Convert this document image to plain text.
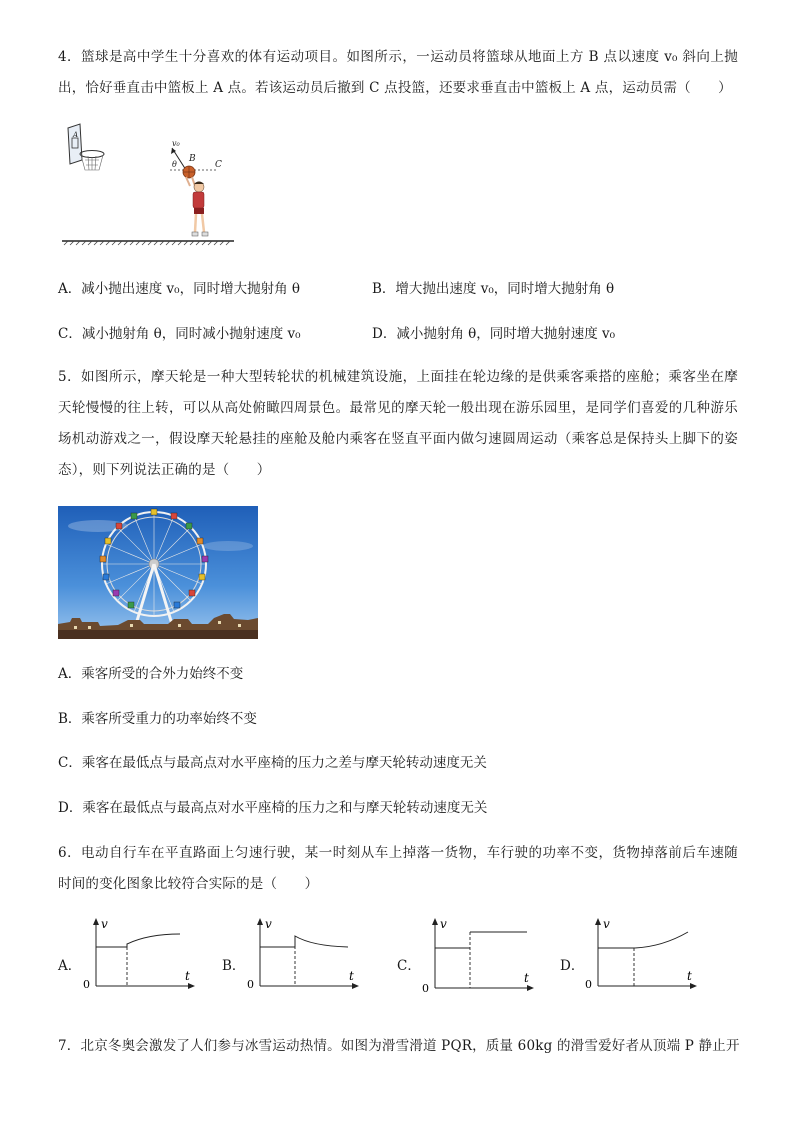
4．篮球是高中学生十分喜欢的体有运动项目。如图所示，一运动员将篮球从地面上方 B 点以速度 v₀ 斜向上抛出，恰好垂直击中篮板上 A 点。若该运动员后撤到 C 点投篮，还要求垂直击中篮板上 A 点，运动员需（　　）
A
v₀
θ
B
C
A．减小抛出速度 v₀，同时增大抛射角 θ	B．增大抛出速度 v₀，同时增大抛射角 θ
C．减小抛射角 θ，同时减小抛射速度 v₀	D．减小抛射角 θ，同时增大抛射速度 v₀
5．如图所示，摩天轮是一种大型转轮状的机械建筑设施，上面挂在轮边缘的是供乘客乘搭的座舱；乘客坐在摩天轮慢慢的往上转，可以从高处俯瞰四周景色。最常见的摩天轮一般出现在游乐园里，是同学们喜爱的几种游乐场机动游戏之一，假设摩天轮悬挂的座舱及舱内乘客在竖直平面内做匀速圆周运动（乘客总是保持头上脚下的姿态），则下列说法正确的是（　　）
A．乘客所受的合外力始终不变
B．乘客所受重力的功率始终不变
C．乘客在最低点与最高点对水平座椅的压力之差与摩天轮转动速度无关
D．乘客在最低点与最高点对水平座椅的压力之和与摩天轮转动速度无关
6．电动自行车在平直路面上匀速行驶，某一时刻从车上掉落一货物，车行驶的功率不变，货物掉落前后车速随时间的变化图象比较符合实际的是（　　）
A．
v
t
0
B．
v
t
0
C．
v
t
0
D．
v
t
0
7．北京冬奥会激发了人们参与冰雪运动热情。如图为滑雪滑道 PQR，质量 60kg 的滑雪爱好者从顶端 P 静止开
